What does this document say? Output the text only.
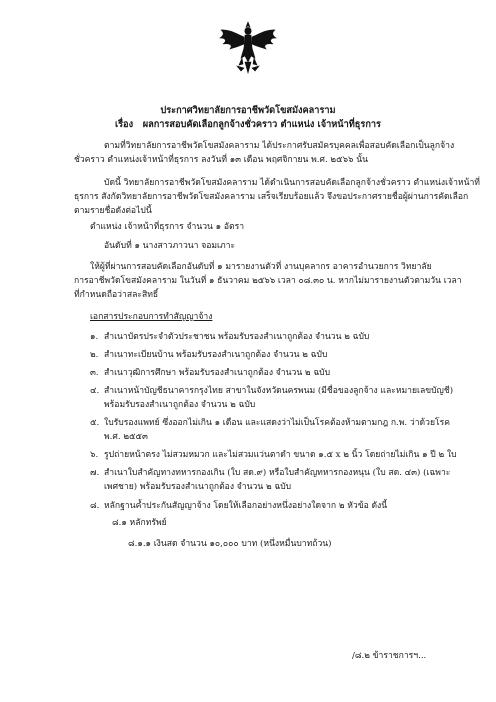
ประกาศวิทยาลัยการอาชีพวัดโขสมังคลาราม
เรื่อง ผลการสอบคัดเลือกลูกจ้างชั่วคราว ตำแหน่ง เจ้าหน้าที่ธุรการ
ตามที่วิทยาลัยการอาชีพวัดโขสมังคลาราม ได้ประกาศรับสมัครบุคคลเพื่อสอบคัดเลือกเป็นลูกจ้าง
ชั่วคราว ตำแหน่งเจ้าหน้าที่ธุรการ ลงวันที่ ๑๓ เดือน พฤศจิกายน พ.ศ. ๒๕๖๖ นั้น
บัดนี้ วิทยาลัยการอาชีพวัดโขสมังคลาราม ได้ดำเนินการสอบคัดเลือกลูกจ้างชั่วคราว ตำแหน่งเจ้าหน้าที่
ธุรการ สังกัดวิทยาลัยการอาชีพวัดโขสมังคลาราม เสร็จเรียบร้อยแล้ว จึงขอประกาศรายชื่อผู้ผ่านการคัดเลือก
ตามรายชื่อดังต่อไปนี้
ตำแหน่ง เจ้าหน้าที่ธุรการ จำนวน ๑ อัตรา
อันดับที่ ๑ นางสาวภาวนา จอมเภาะ
ให้ผู้ที่ผ่านการสอบคัดเลือกอันดับที่ ๑ มารายงานตัวที่ งานบุคลากร อาคารอำนวยการ วิทยาลัย
การอาชีพวัดโขสมังคลาราม ในวันที่ ๑ ธันวาคม ๒๕๖๖ เวลา ๐๘.๓๐ น. หากไม่มารายงานตัวตามวัน เวลา
ที่กำหนดถือว่าสละสิทธิ์
เอกสารประกอบการทำสัญญาจ้าง
๑. สำเนาบัตรประจำตัวประชาชน พร้อมรับรองสำเนาถูกต้อง จำนวน ๒ ฉบับ
๒. สำเนาทะเบียนบ้าน พร้อมรับรองสำเนาถูกต้อง จำนวน ๒ ฉบับ
๓. สำเนาวุฒิการศึกษา พร้อมรับรองสำเนาถูกต้อง จำนวน ๒ ฉบับ
๔. สำเนาหน้าบัญชีธนาคารกรุงไทย สาขาในจังหวัดนครพนม (มีชื่อของลูกจ้าง และหมายเลขบัญชี)
พร้อมรับรองสำเนาถูกต้อง จำนวน ๒ ฉบับ
๕. ใบรับรองแพทย์ ซึ่งออกไม่เกิน ๑ เดือน และแสดงว่าไม่เป็นโรคต้องห้ามตามกฎ ก.พ. ว่าด้วยโรค
พ.ศ. ๒๕๕๓
๖. รูปถ่ายหน้าตรง ไม่สวมหมวก และไม่สวมแว่นตาดำ ขนาด ๑.๕ x ๒ นิ้ว โดยถ่ายไม่เกิน ๑ ปี ๒ ใบ
๗. สำเนาใบสำคัญทางทหารกองเกิน (ใบ สด.๙) หรือใบสำคัญทหารกองหนุน (ใบ สด. ๔๓) (เฉพาะ
เพศชาย) พร้อมรับรองสำเนาถูกต้อง จำนวน ๒ ฉบับ
๘. หลักฐานค้ำประกันสัญญาจ้าง โดยให้เลือกอย่างหนึ่งอย่างใดจาก ๒ หัวข้อ ดังนี้
๘.๑ หลักทรัพย์
๘.๑.๑ เงินสด จำนวน ๑๐,๐๐๐ บาท (หนึ่งหมื่นบาทถ้วน)
/๘.๒ ข้าราชการฯ...
